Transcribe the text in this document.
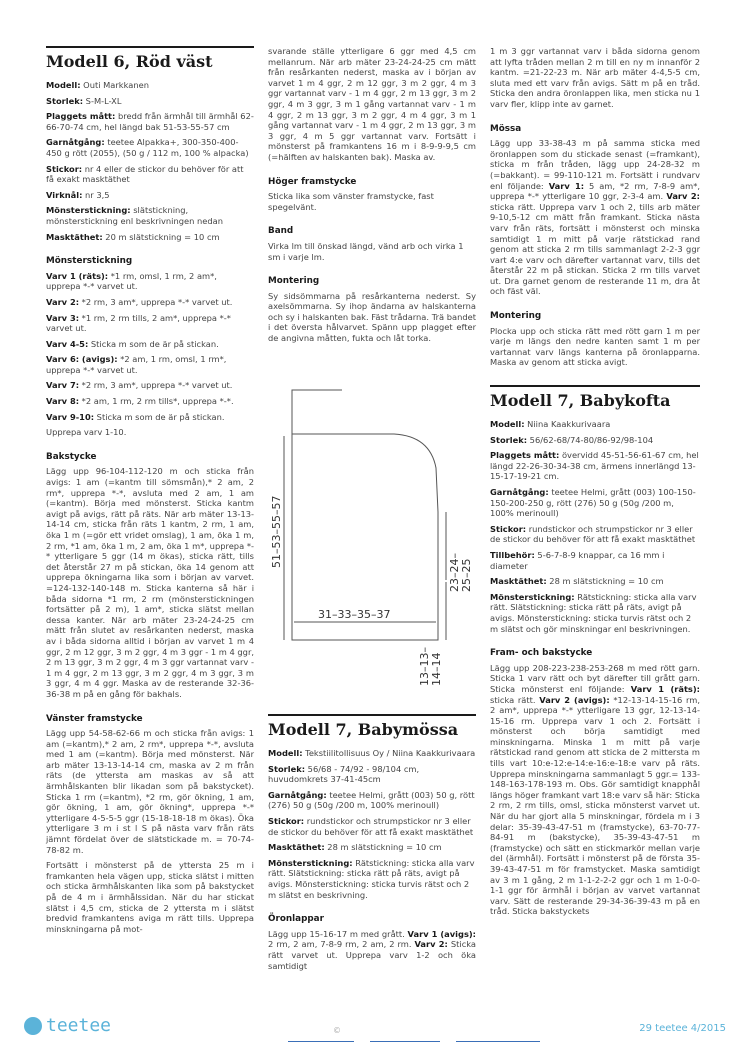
Modell 6, Röd väst

Modell: Outi Markkanen

Storlek: S-M-L-XL

Plaggets mått: bredd från ärmhål till ärmhål 62-66-70-74 cm, hel längd bak 51-53-55-57 cm

Garnåtgång: teetee Alpakka+, 300-350-400-450 g rött (2055), (50 g / 112 m, 100 % alpacka)

Stickor: nr 4 eller de stickor du behöver för att få exakt masktäthet

Virknål: nr 3,5

Mönsterstickning: slätstickning, mönsterstickning enl beskrivningen nedan

Masktäthet: 20 m slätstickning = 10 cm

Mönsterstickning

Varv 1 (räts): *1 rm, omsl, 1 rm, 2 am*, upprepa *-* varvet ut.

Varv 2: *2 rm, 3 am*, upprepa *-* varvet ut.

Varv 3: *1 rm, 2 rm tills, 2 am*, upprepa *-* varvet ut.

Varv 4-5: Sticka m som de är på stickan.

Varv 6: (avigs): *2 am, 1 rm, omsl, 1 rm*, upprepa *-* varvet ut.

Varv 7: *2 rm, 3 am*, upprepa *-* varvet ut.

Varv 8: *2 am, 1 rm, 2 rm tills*, upprepa *-*.

Varv 9-10: Sticka m som de är på stickan.

Upprepa varv 1-10.

Bakstycke

Lägg upp 96-104-112-120 m och sticka från avigs: 1 am (=kantm till sömsmån),* 2 am, 2 rm*, upprepa *-*, avsluta med 2 am, 1 am (=kantm). Börja med mönsterst. Sticka kantm avigt på avigs, rätt på räts. När arb mäter 13-13-14-14 cm, sticka från räts 1 kantm, 2 rm, 1 am, öka 1 m (=gör ett vridet omslag), 1 am, öka 1 m, 2 rm, *1 am, öka 1 m, 2 am, öka 1 m*, upprepa *-* ytterligare 5 ggr (14 m ökas), sticka rätt, tills det återstår 27 m på stickan, öka 14 genom att upprepa ökningarna lika som i början av varvet. =124-132-140-148 m. Sticka kanterna så här i båda sidorna *1 rm, 2 rm (mönsterstickningen fortsätter på 2 m), 1 am*, sticka slätst mellan dessa kanter. När arb mäter 23-24-24-25 cm mätt från slutet av resårkanten nederst, maska av i båda sidorna alltid i början av varvet 1 m 4 ggr, 2 m 12 ggr, 3 m 2 ggr, 4 m 3 ggr - 1 m 4 ggr, 2 m 13 ggr, 3 m 2 ggr, 4 m 3 ggr vartannat varv - 1 m 4 ggr, 2 m 13 ggr, 3 m 2 ggr, 4 m 3 ggr, 3 m 3 ggr, 4 m 4 ggr. Maska av de resterande 32-36-36-38 m på en gång för bakhals.

Vänster framstycke

Lägg upp 54-58-62-66 m och sticka från avigs: 1 am (=kantm),* 2 am, 2 rm*, upprepa *-*, avsluta med 1 am (=kantm). Börja med mönsterst. När arb mäter 13-13-14-14 cm, maska av 2 m från räts (de yttersta am maskas av så att ärmhålskanten blir likadan som på bakstycket). Sticka 1 rm (=kantm), *2 rm, gör ökning, 1 am, gör ökning, 1 am, gör ökning*, upprepa *-* ytterligare 4-5-5-5 ggr (15-18-18-18 m ökas). Öka ytterligare 3 m i st l S på nästa varv från räts jämnt fördelat över de slätstickade m. = 70-74-78-82 m.

Fortsätt i mönsterst på de yttersta 25 m i framkanten hela vägen upp, sticka slätst i mitten och sticka ärmhålskanten lika som på bakstycket på de 4 m i ärmhålssidan. När du har stickat slätst i 4,5 cm, sticka de 2 yttersta m i slätst bredvid framkantens aviga m rätt tills. Upprepa minskningarna på mot-

svarande ställe ytterligare 6 ggr med 4,5 cm mellanrum. När arb mäter 23-24-24-25 cm mätt från resårkanten nederst, maska av i början av varvet 1 m 4 ggr, 2 m 12 ggr, 3 m 2 ggr, 4 m 3 ggr vartannat varv - 1 m 4 ggr, 2 m 13 ggr, 3 m 2 ggr, 4 m 3 ggr, 3 m 1 gång vartannat varv - 1 m 4 ggr, 2 m 13 ggr, 3 m 2 ggr, 4 m 4 ggr, 3 m 1 gång vartannat varv - 1 m 4 ggr, 2 m 13 ggr, 3 m 3 ggr, 4 m 5 ggr vartannat varv. Fortsätt i mönsterst på framkantens 16 m i 8-9-9-9,5 cm (=hälften av halskanten bak). Maska av.

Höger framstycke

Sticka lika som vänster framstycke, fast spegelvänt.

Band

Virka lm till önskad längd, vänd arb och virka 1 sm i varje lm.

Montering

Sy sidsömmarna på resårkanterna nederst. Sy axelsömmarna. Sy ihop ändarna av halskanterna och sy i halskanten bak. Fäst trådarna. Trä bandet i det översta hålvarvet. Spänn upp plagget efter de angivna måtten, fukta och låt torka.

51–53–55–57
31–33–35–37
23–24– 25–25
13–13– 14–14
Modell 7, Babymössa

Modell: Tekstiilitollisuus Oy / Niina Kaakkurivaara

Storlek: 56/68 - 74/92 - 98/104 cm, huvudomkrets 37-41-45cm

Garnåtgång: teetee Helmi, grått (003) 50 g, rött (276) 50 g (50g /200 m, 100% merinoull)

Stickor: rundstickor och strumpstickor nr 3 eller de stickor du behöver för att få exakt masktäthet

Masktäthet: 28 m slätstickning = 10 cm

Mönsterstickning: Rätstickning: sticka alla varv rätt. Slätstickning: sticka rätt på räts, avigt på avigs. Mönsterstickning: sticka turvis rätst och 2 m slätst en beskrivning.

Öronlappar

Lägg upp 15-16-17 m med grått. Varv 1 (avigs): 2 rm, 2 am, 7-8-9 rm, 2 am, 2 rm. Varv 2: Sticka rätt varvet ut. Upprepa varv 1-2 och öka samtidigt

1 m 3 ggr vartannat varv i båda sidorna genom att lyfta tråden mellan 2 m till en ny m innanför 2 kantm. =21-22-23 m. När arb mäter 4-4,5-5 cm, sluta med ett varv från avigs. Sätt m på en tråd. Sticka den andra öronlappen lika, men sticka nu 1 varv fler, klipp inte av garnet.

Mössa

Lägg upp 33-38-43 m på samma sticka med öronlappen som du stickade senast (=framkant), sticka m från tråden, lägg upp 24-28-32 m (=bakkant). = 99-110-121 m. Fortsätt i rundvarv enl följande: Varv 1: 5 am, *2 rm, 7-8-9 am*, upprepa *-* ytterligare 10 ggr, 2-3-4 am. Varv 2: sticka rätt. Upprepa varv 1 och 2, tills arb mäter 9-10,5-12 cm mätt från framkant. Sticka nästa varv från räts, fortsätt i mönsterst och minska samtidigt 1 m mitt på varje rätstickad rand genom att sticka 2 rm tills sammanlagt 2-2-3 ggr vart 4:e varv och därefter vartannat varv, tills det återstår 22 m på stickan. Sticka 2 rm tills varvet ut. Dra garnet genom de resterande 11 m, dra åt och fäst väl.

Montering

Plocka upp och sticka rätt med rött garn 1 m per varje m längs den nedre kanten samt 1 m per vartannat varv längs kanterna på öronlapparna. Maska av genom att sticka avigt.

Modell 7, Babykofta

Modell: Niina Kaakkurivaara

Storlek: 56/62-68/74-80/86-92/98-104

Plaggets mått: övervidd 45-51-56-61-67 cm, hel längd 22-26-30-34-38 cm, ärmens innerlängd 13-15-17-19-21 cm.

Garnåtgång: teetee Helmi, grått (003) 100-150-150-200-250 g, rött (276) 50 g (50g /200 m, 100% merinoull)

Stickor: rundstickor och strumpstickor nr 3 eller de stickor du behöver för att få exakt masktäthet

Tillbehör: 5-6-7-8-9 knappar, ca 16 mm i diameter

Masktäthet: 28 m slätstickning = 10 cm

Mönsterstickning: Rätstickning: sticka alla varv rätt. Slätstickning: sticka rätt på räts, avigt på avigs. Mönsterstickning: sticka turvis rätst och 2 m slätst och gör minskningar enl beskrivningen.

Fram- och bakstycke

Lägg upp 208-223-238-253-268 m med rött garn. Sticka 1 varv rätt och byt därefter till grått garn. Sticka mönsterst enl följande: Varv 1 (räts): sticka rätt. Varv 2 (avigs): *12-13-14-15-16 rm, 2 am*, upprepa *-* ytterligare 13 ggr, 12-13-14-15-16 rm. Upprepa varv 1 och 2. Fortsätt i mönsterst och börja samtidigt med minskningarna. Minska 1 m mitt på varje rätstickad rand genom att sticka de 2 mittersta m tills vart 10:e-12:e-14:e-16:e-18:e varv på räts. Upprepa minskningarna sammanlagt 5 ggr.= 133-148-163-178-193 m. Obs. Gör samtidigt knapphål längs höger framkant vart 18:e varv så här: Sticka 2 rm, 2 rm tills, omsl, sticka mönsterst varvet ut. När du har gjort alla 5 minskningar, fördela m i 3 delar: 35-39-43-47-51 m (framstycke), 63-70-77-84-91 m (bakstycke), 35-39-43-47-51 m (framstycke) och sätt en stickmarkör mellan varje del (ärmhål). Fortsätt i mönsterst på de första 35-39-43-47-51 m för framstycket. Maska samtidigt av 3 m 1 gång, 2 m 1-1-2-2-2 ggr och 1 m 1-0-0-1-1 ggr för ärmhål i början av varvet vartannat varv. Sätt de resterande 29-34-36-39-43 m på en tråd. Sticka bakstyckets

teetee	©	29 teetee 4/2015
